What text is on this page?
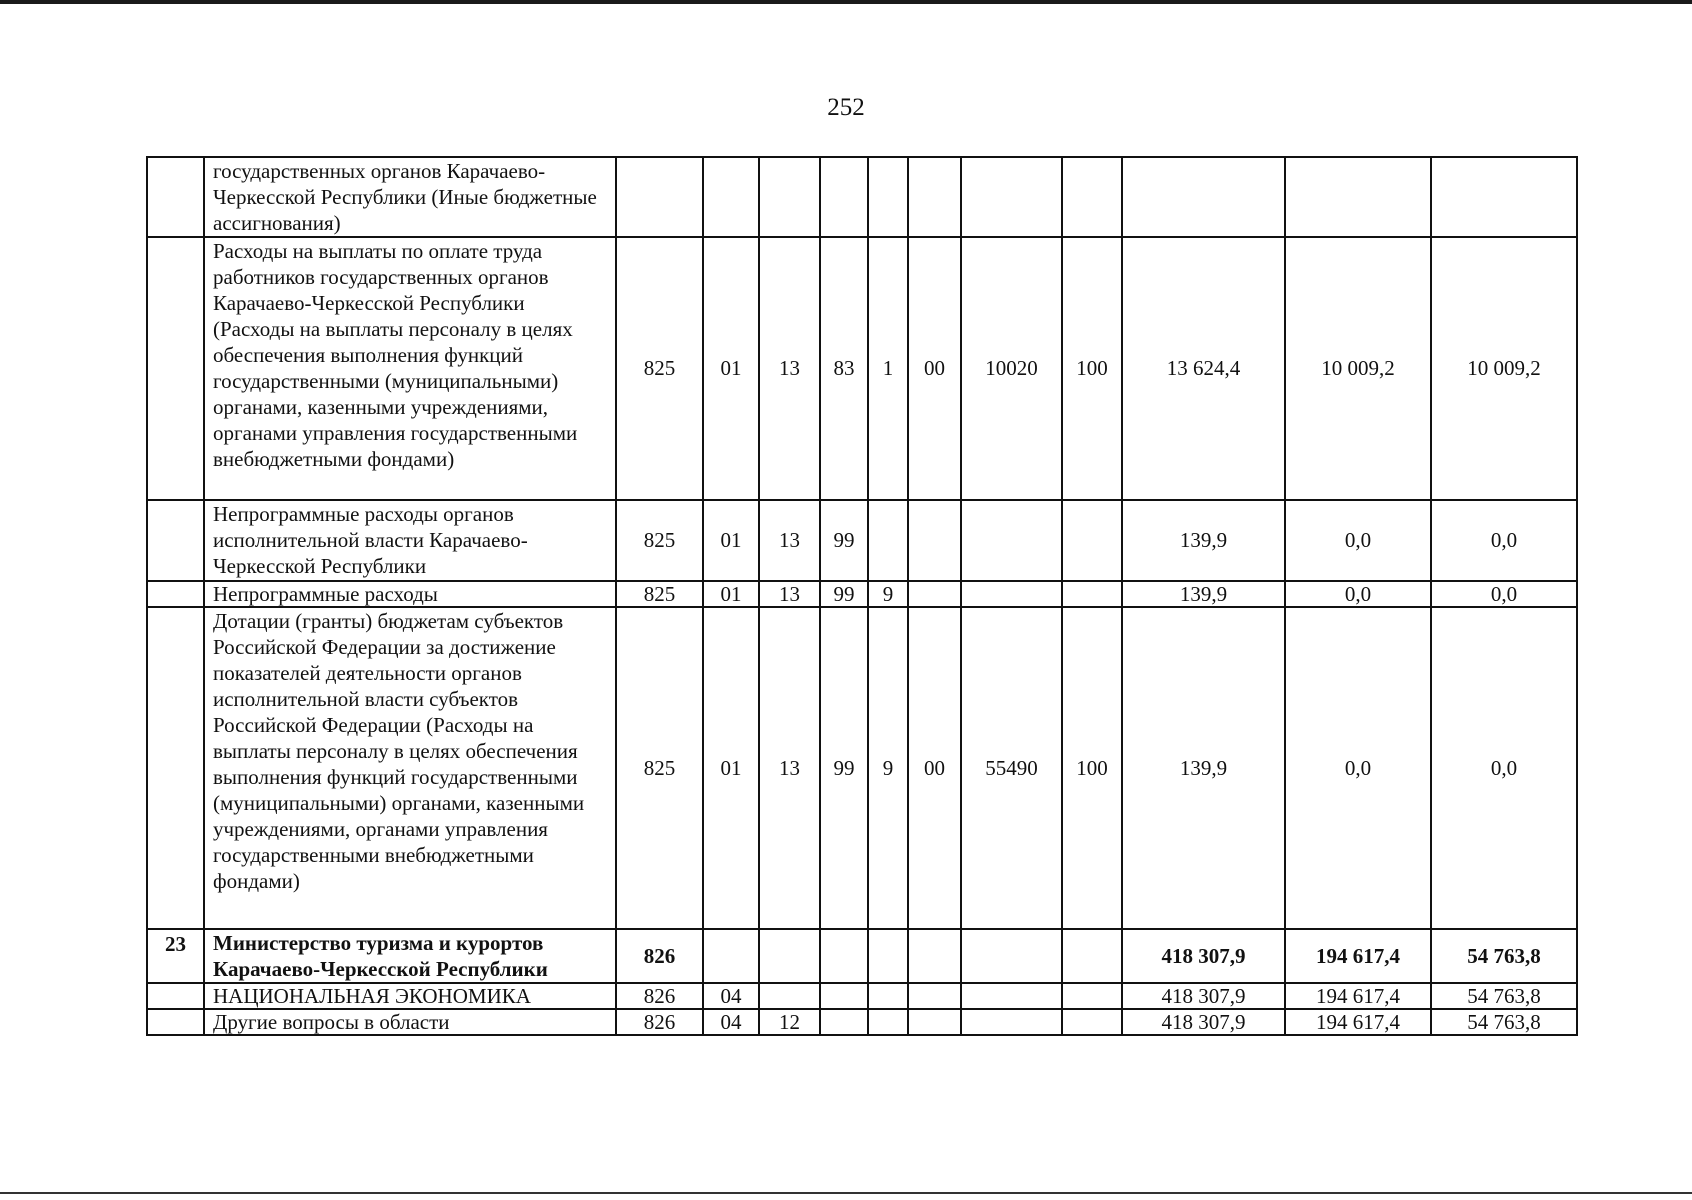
252
	государственных органов Карачаево-Черкесской Республики (Иные бюджетные ассигнования)											
	Расходы на выплаты по оплате труда работников государственных органов Карачаево-Черкесской Республики (Расходы на выплаты персоналу в целях обеспечения выполнения функций государственными (муниципальными) органами, казенными учреждениями, органами управления государственными внебюджетными фондами)	825	01	13	83	1	00	10020	100	13 624,4	10 009,2	10 009,2
	Непрограммные расходы органов исполнительной власти Карачаево-Черкесской Республики	825	01	13	99					139,9	0,0	0,0
	Непрограммные расходы	825	01	13	99	9				139,9	0,0	0,0
	Дотации (гранты) бюджетам субъектов Российской Федерации за достижение показателей деятельности органов исполнительной власти субъектов Российской Федерации (Расходы на выплаты персоналу в целях обеспечения выполнения функций государственными (муниципальными) органами, казенными учреждениями, органами управления государственными внебюджетными фондами)	825	01	13	99	9	00	55490	100	139,9	0,0	0,0
23	Министерство туризма и курортов Карачаево-Черкесской Республики	826								418 307,9	194 617,4	54 763,8
	НАЦИОНАЛЬНАЯ ЭКОНОМИКА	826	04							418 307,9	194 617,4	54 763,8
	Другие вопросы в области	826	04	12						418 307,9	194 617,4	54 763,8
